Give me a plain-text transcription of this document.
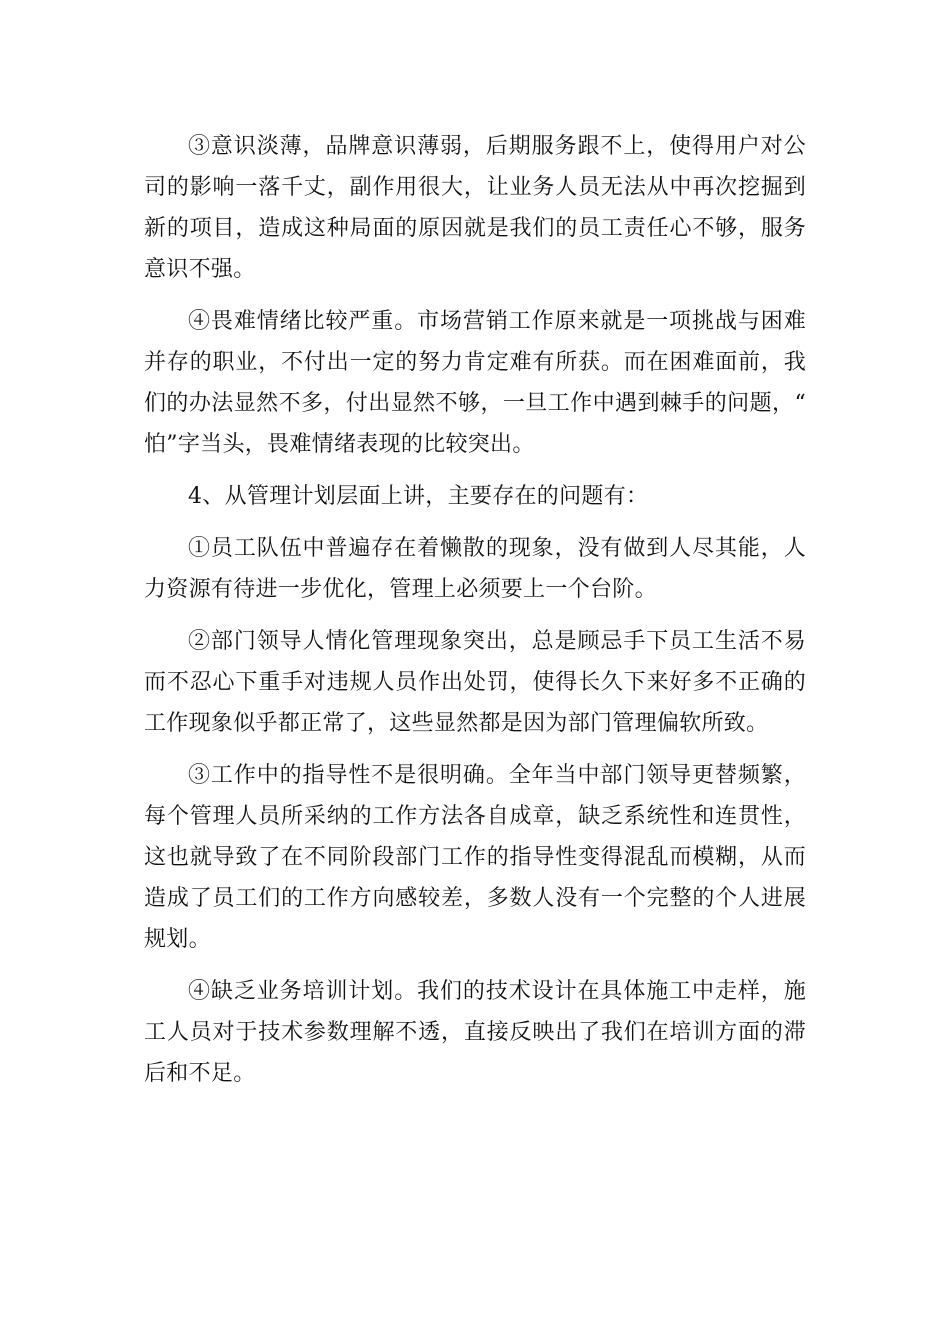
③意识淡薄，品牌意识薄弱，后期服务跟不上，使得用户对公司的影响一落千丈，副作用很大，让业务人员无法从中再次挖掘到新的项目，造成这种局面的原因就是我们的员工责任心不够，服务意识不强。

④畏难情绪比较严重。市场营销工作原来就是一项挑战与困难并存的职业，不付出一定的努力肯定难有所获。而在困难面前，我们的办法显然不多，付出显然不够，一旦工作中遇到棘手的问题，“怕”字当头，畏难情绪表现的比较突出。

4、从管理计划层面上讲，主要存在的问题有：

①员工队伍中普遍存在着懒散的现象，没有做到人尽其能，人力资源有待进一步优化，管理上必须要上一个台阶。

②部门领导人情化管理现象突出，总是顾忌手下员工生活不易而不忍心下重手对违规人员作出处罚，使得长久下来好多不正确的工作现象似乎都正常了，这些显然都是因为部门管理偏软所致。

③工作中的指导性不是很明确。全年当中部门领导更替频繁，每个管理人员所采纳的工作方法各自成章，缺乏系统性和连贯性，这也就导致了在不同阶段部门工作的指导性变得混乱而模糊，从而造成了员工们的工作方向感较差，多数人没有一个完整的个人进展规划。

④缺乏业务培训计划。我们的技术设计在具体施工中走样，施工人员对于技术参数理解不透，直接反映出了我们在培训方面的滞后和不足。
